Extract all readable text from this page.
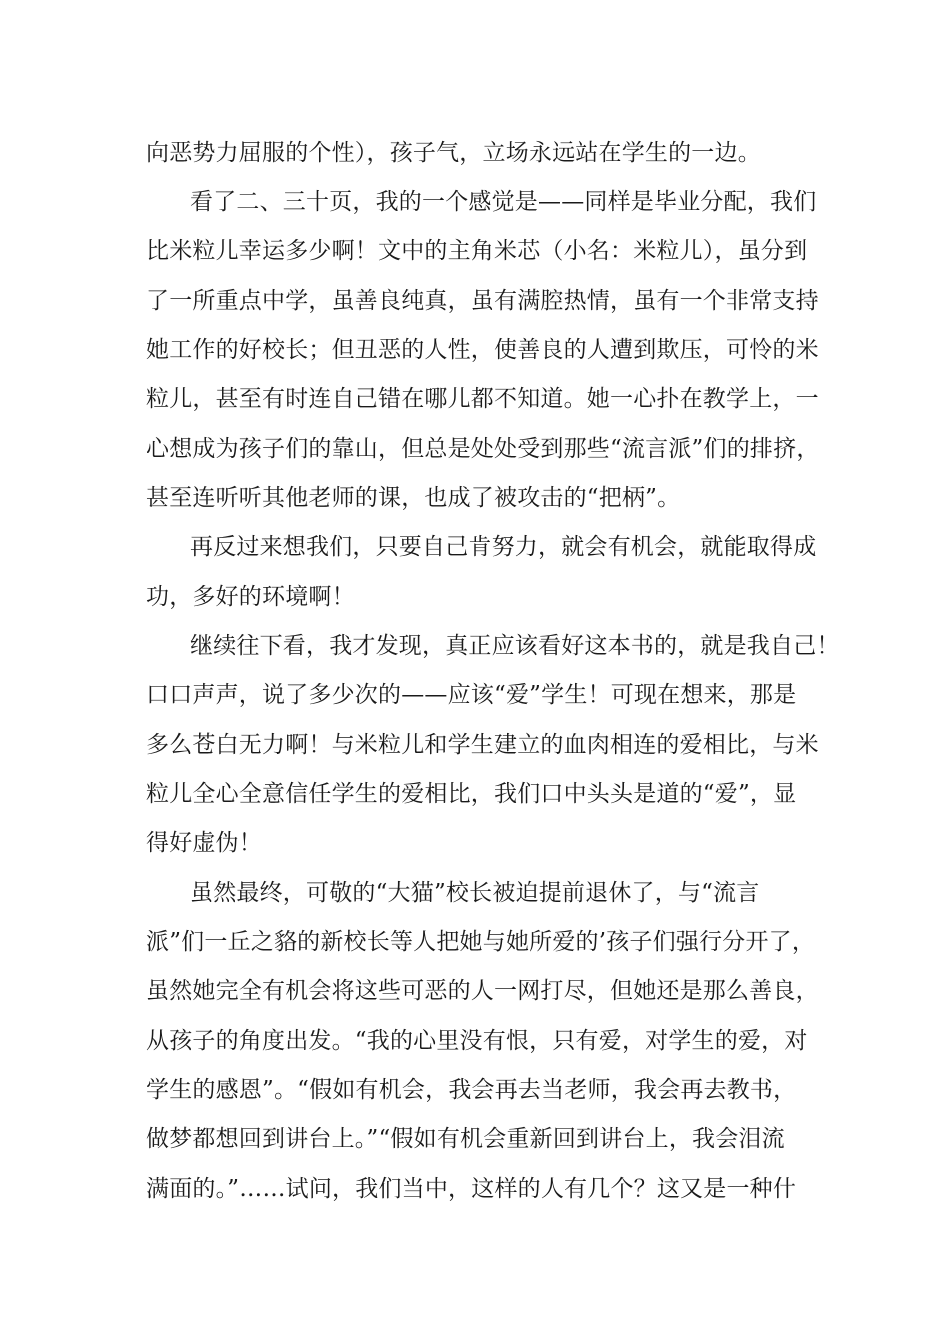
向恶势力屈服的个性），孩子气，立场永远站在学生的一边。
看了二、三十页，我的一个感觉是——同样是毕业分配，我们
比米粒儿幸运多少啊！文中的主角米芯（小名：米粒儿），虽分到
了一所重点中学，虽善良纯真，虽有满腔热情，虽有一个非常支持
她工作的好校长；但丑恶的人性，使善良的人遭到欺压，可怜的米
粒儿，甚至有时连自己错在哪儿都不知道。她一心扑在教学上，一
心想成为孩子们的靠山，但总是处处受到那些“流言派”们的排挤，
甚至连听听其他老师的课，也成了被攻击的“把柄”。
再反过来想我们，只要自己肯努力，就会有机会，就能取得成
功，多好的环境啊！
继续往下看，我才发现，真正应该看好这本书的，就是我自己！
口口声声，说了多少次的——应该“爱”学生！可现在想来，那是
多么苍白无力啊！与米粒儿和学生建立的血肉相连的爱相比，与米
粒儿全心全意信任学生的爱相比，我们口中头头是道的“爱”，显
得好虚伪！
虽然最终，可敬的“大猫”校长被迫提前退休了，与“流言
派”们一丘之貉的新校长等人把她与她所爱的’孩子们强行分开了，
虽然她完全有机会将这些可恶的人一网打尽，但她还是那么善良，
从孩子的角度出发。“我的心里没有恨，只有爱，对学生的爱，对
学生的感恩”。“假如有机会，我会再去当老师，我会再去教书，
做梦都想回到讲台上。”“假如有机会重新回到讲台上，我会泪流
满面的。”……试问，我们当中，这样的人有几个？这又是一种什
